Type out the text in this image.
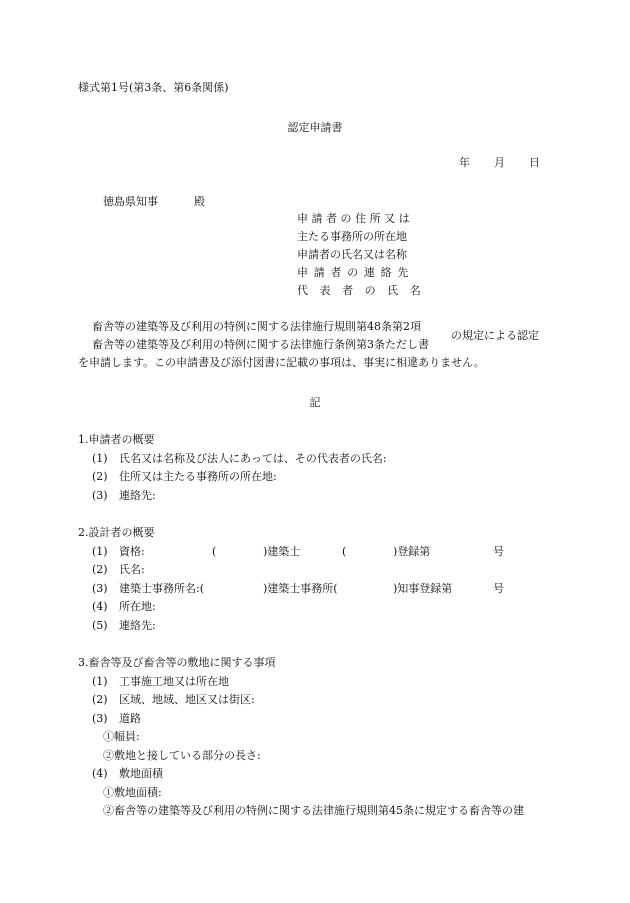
様式第1号(第3条、第6条関係)
認定申請書
年 月 日
徳島県知事	殿
申請者の住所又は
主たる事務所の所在地
申請者の氏名又は名称
申請者の連絡先
代表者の氏名
畜舎等の建築等及び利用の特例に関する法律施行規則第48条第2項
畜舎等の建築等及び利用の特例に関する法律施行条例第3条ただし書
の規定による認定
を申請します。この申請書及び添付図書に記載の事項は、事実に相違ありません。
記
1.申請者の概要
(1) 氏名又は名称及び法人にあっては、その代表者の氏名:
(2) 住所又は主たる事務所の所在地:
(3) 連絡先:
2.設計者の概要
(1) 資格:	(	)建築士	(	)登録第	号
(2) 氏名:
(3) 建築士事務所名:(	)建築士事務所(	)知事登録第	号
(4) 所在地:
(5) 連絡先:
3.畜舎等及び畜舎等の敷地に関する事項
(1) 工事施工地又は所在地
(2) 区域、地域、地区又は街区:
(3) 道路
①幅員:
②敷地と接している部分の長さ:
(4) 敷地面積
①敷地面積:
②畜舎等の建築等及び利用の特例に関する法律施行規則第45条に規定する畜舎等の建
